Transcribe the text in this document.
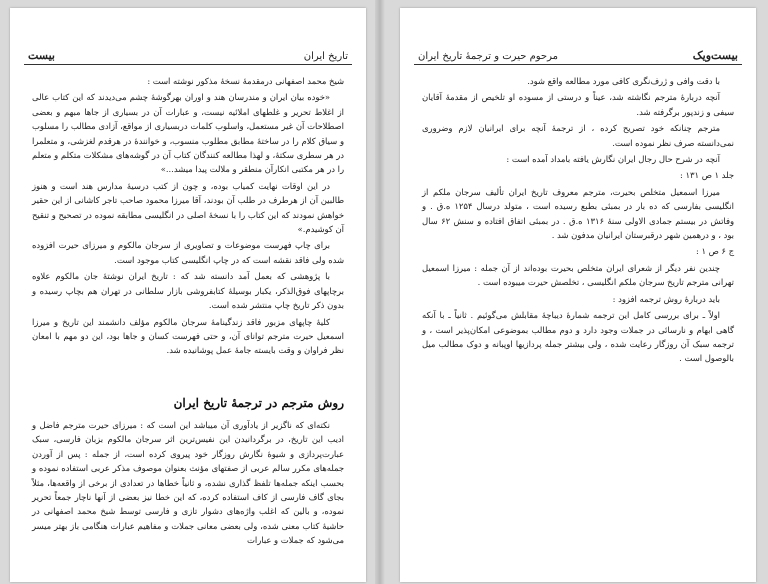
تاریخ ایران
بیست

شیخ محمد اصفهانی درمقدمهٔ نسخهٔ مذکور نوشته است :

«خوده بیان ایران و مندرسان هند و اوران بهرگوشهٔ چشم می‌دیدند که این کتاب عالی از اغلاط تحریر و غلطهای املائیه نیست، و عبارات آن در بسیاری از جاها مبهم و بعضی اصطلاحات آن غیر مستعمل، واسلوب کلمات دربسیاری از مواقع، آزادی مطالب را مسلوب و سیاق کلام را در ساختهٔ مطابق مطلوب منسوب، و خوانندهٔ در هرقدم لغزشی، و متعلمرا در هر سطری سکتهٔ، و لهذا مطالعه کنندگان کتاب آن در گوشه‌های مشکلات متکلم و متعلم را در هر مکتبی انکارآن منطقر و ملالت پیدا میشد...»

در این اوقات نهایت کمیاب بوده، و چون از کتب درسیهٔ مدارس هند است و هنوز طالبین آن از هرطرف در طلب آن بودند، آقا میرزا محمود صاحب تاجر کاشانی از این حقیر خواهش نمودند که این کتاب را با نسخهٔ اصلی در انگلیسی مطابقه نموده در تصحیح و تنقیح آن کوشیدم.»

برای چاپ فهرست موضوعات و تصاویری از سرجان مالکوم و میرزای حیرت افزوده شده ولی فاقد نقشه است که در چاپ انگلیسی کتاب موجود است.

با پژوهشی که بعمل آمد دانسته شد که : تاریخ ایران نوشتهٔ جان مالکوم علاوه برچاپهای فوق‌الذکر، یکبار بوسیلهٔ کتابفروشی بازار سلطانی در تهران هم بچاپ رسیده و بدون ذکر تاریخ چاپ منتشر شده است.

کلیهٔ چاپهای مزبور فاقد زندگینامهٔ سرجان مالکوم مؤلف دانشمند این تاریخ و میرزا اسمعیل حیرت مترجم توانای آن، و حتی فهرست کسان و جاها بود، این دو مهم با امعان نظر فراوان و وقت بایسته جامهٔ عمل پوشانیده شد.

روش مترجم در ترجمهٔ تاریخ ایران

نکته‌ای که ناگزیر از یادآوری آن میباشد این است که : میرزای حیرت مترجم فاضل و ادیب این تاریخ، در برگردانیدن این نفیس‌ترین اثر سرجان مالکوم بزبان فارسی، سبک عبارت‌پردازی و شیوهٔ نگارش روزگار خود پیروی کرده است، از جمله : پس از آوردن جمله‌های مکرر سالم عربی از صفتهای مؤنث بعنوان موصوف مذکر عربی استفاده نموده و بحسب اینکه جمله‌ها تلفظ گذاری نشده، و ثانیاً خطاها در تعدادی از برخی از واقعه‌ها، مثلاً بجای گاف فارسی از کاف استفاده کرده، که این خطا نیز بعضی از آنها ناچار جمعاً تحریر نموده، و بالین که اغلب واژه‌های دشوار تازی و فارسی توسط شیخ محمد اصفهانی در حاشیهٔ کتاب معنی شده، ولی بعضی معانی جملات و مفاهیم عبارات هنگامی باز بهتر میسر می‌شود که جملات و عبارات

بیست‌ویک
مرحوم حیرت و ترجمهٔ تاریخ ایران

با دقت وافی و ژرف‌نگری کافی مورد مطالعه واقع شود.

آنچه دربارهٔ مترجم نگاشته شد، عیناً و درستی از مسوده او تلخیص از مقدمهٔ آقایان سیفی و زندپور برگرفته شد.

مترجم چنانکه خود تصریح کرده ، از ترجمهٔ آنچه برای ایرانیان لازم وضروری نمی‌دانسته صرف نظر نموده است.

آنچه در شرح حال رجال ایران نگارش یافته بامداد آمده است :

جلد ۱ ص ۱۳۱ :

میرزا اسمعیل متخلص بحیرت، مترجم معروف تاریخ ایران تألیف سرجان ملکم از انگلیسی بفارسی که ده بار در بمبئی بطبع رسیده است ، متولد درسال ۱۲۵۴ ه.ق . و وفاتش در بیستم جمادی الاولی سنهٔ ۱۳۱۶ ه.ق . در بمبئی اتفاق افتاده و سنش ۶۲ سال بود ، و درهمین شهر درقبرستان ایرانیان مدفون شد .

ج ۶ ص ۱ :

چندین نفر دیگر از شعرای ایران متخلص بحیرت بوده‌اند از آن جمله : میرزا اسمعیل تهرانی مترجم تاریخ سرجان ملکم انگلیسی ، تخلصش حیرت میبوده است .

باید دربارهٔ روش ترجمه افزود :

اولاً ـ برای بررسی کامل این ترجمه شمارهٔ دیباچهٔ مقابلش می‌گوئیم . ثانیاً ـ با آنکه گاهی ابهام و نارسائی در جملات وجود دارد و دوم مطالب بموضوعی امکان‌پذیر است ، و ترجمه سبک آن روزگار رعایت شده ، ولی بیشتر جمله پردازیها اوپبانه و دوک مطالب میل بالوصول است .
